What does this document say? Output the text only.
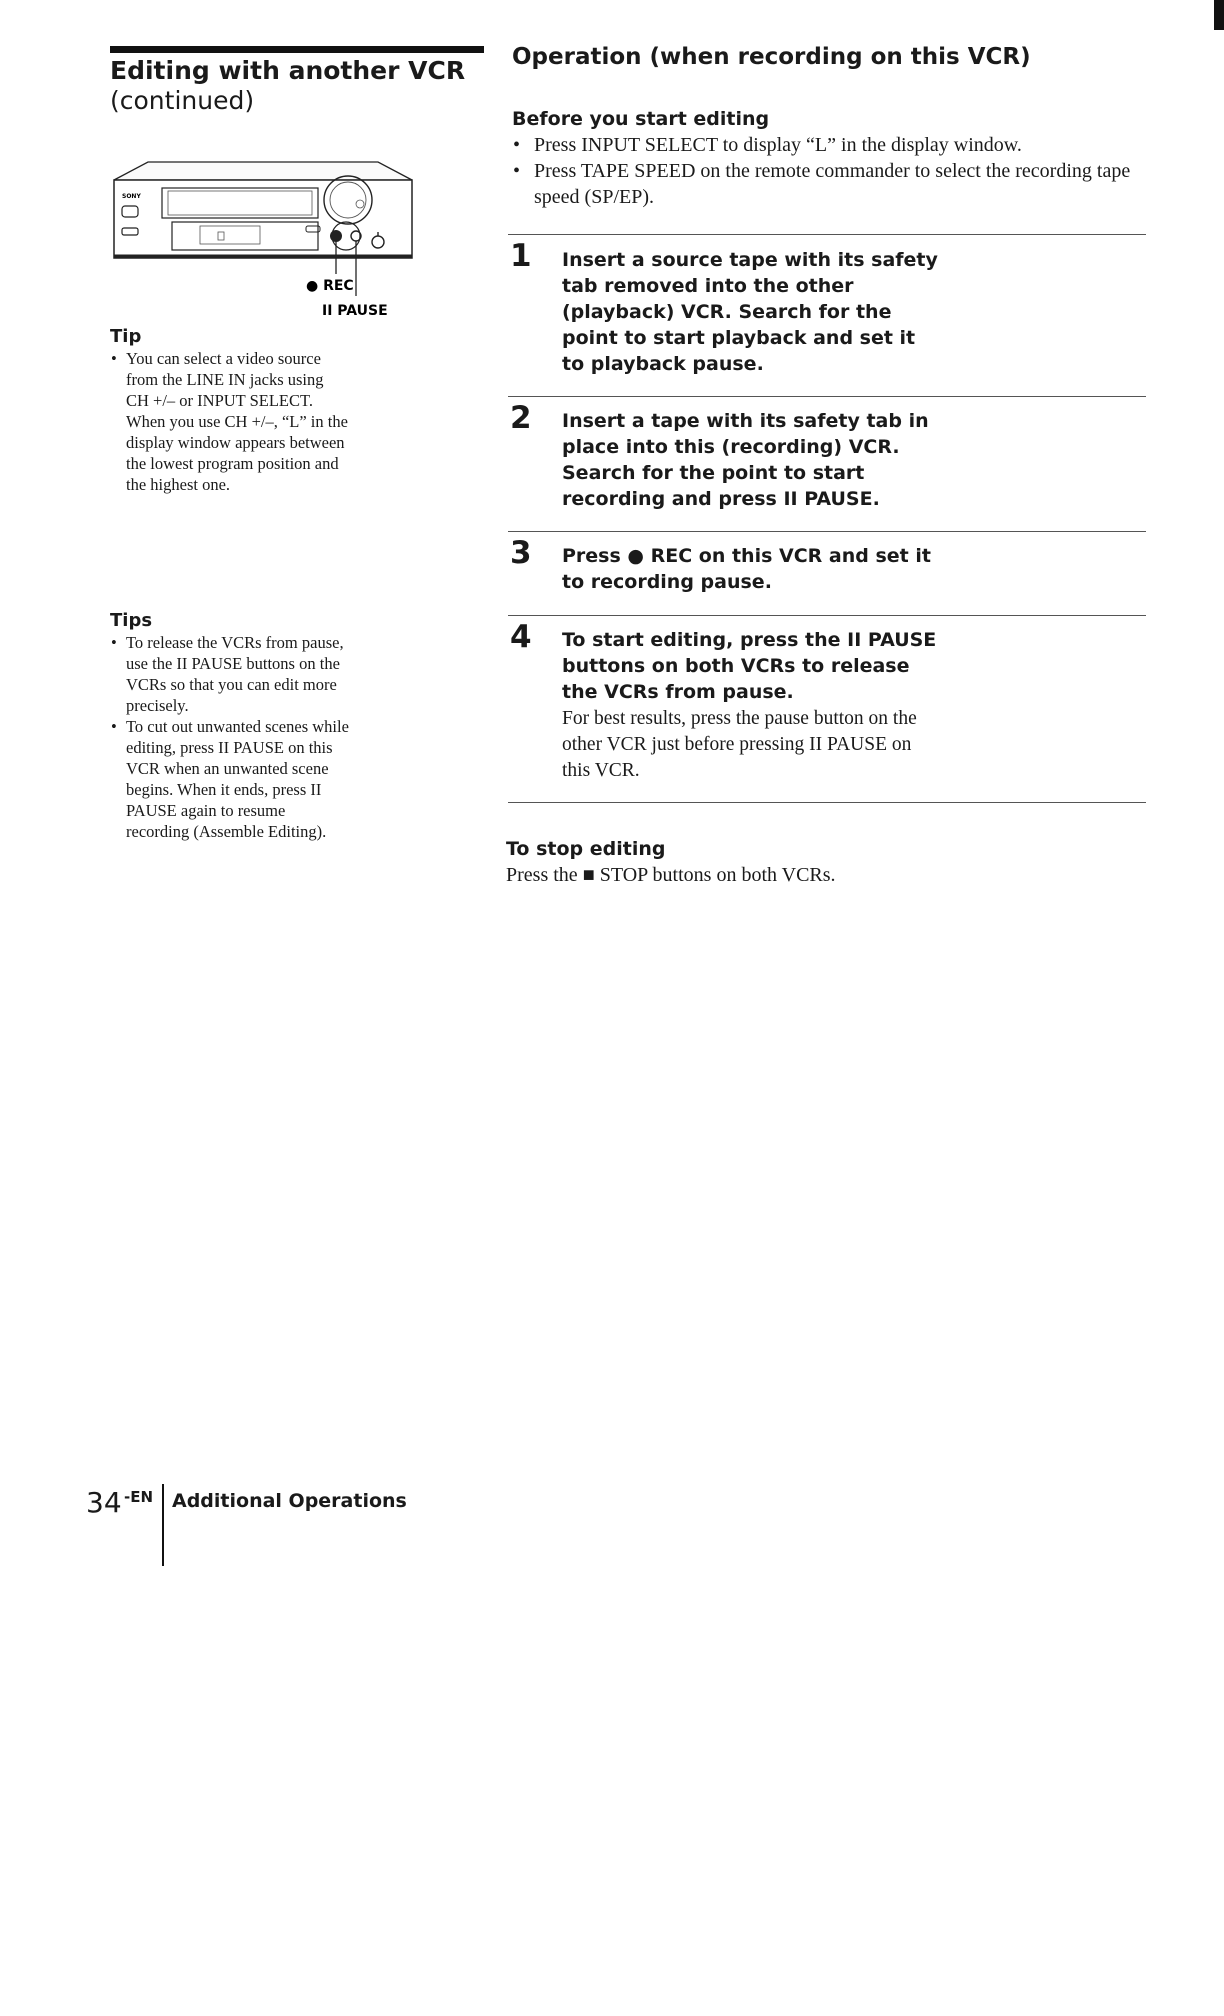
Editing with another VCR
(continued)
SONY
● REC
II PAUSE
Tip
• You can select a video source from the LINE IN jacks using CH +/– or INPUT SELECT. When you use CH +/–, “L” in the display window appears between the lowest program position and the highest one.
Tips
• To release the VCRs from pause, use the II PAUSE buttons on the VCRs so that you can edit more precisely.
• To cut out unwanted scenes while editing, press II PAUSE on this VCR when an unwanted scene begins. When it ends, press II PAUSE again to resume recording (Assemble Editing).
Operation (when recording on this VCR)
Before you start editing
• Press INPUT SELECT to display “L” in the display window.
• Press TAPE SPEED on the remote commander to select the recording tape speed (SP/EP).
1 Insert a source tape with its safety tab removed into the other (playback) VCR. Search for the point to start playback and set it to playback pause.
2 Insert a tape with its safety tab in place into this (recording) VCR. Search for the point to start recording and press II PAUSE.
3 Press ● REC on this VCR and set it to recording pause.
4 To start editing, press the II PAUSE buttons on both VCRs to release the VCRs from pause.
For best results, press the pause button on the other VCR just before pressing II PAUSE on this VCR.
To stop editing
Press the ■ STOP buttons on both VCRs.
34 -EN Additional Operations
